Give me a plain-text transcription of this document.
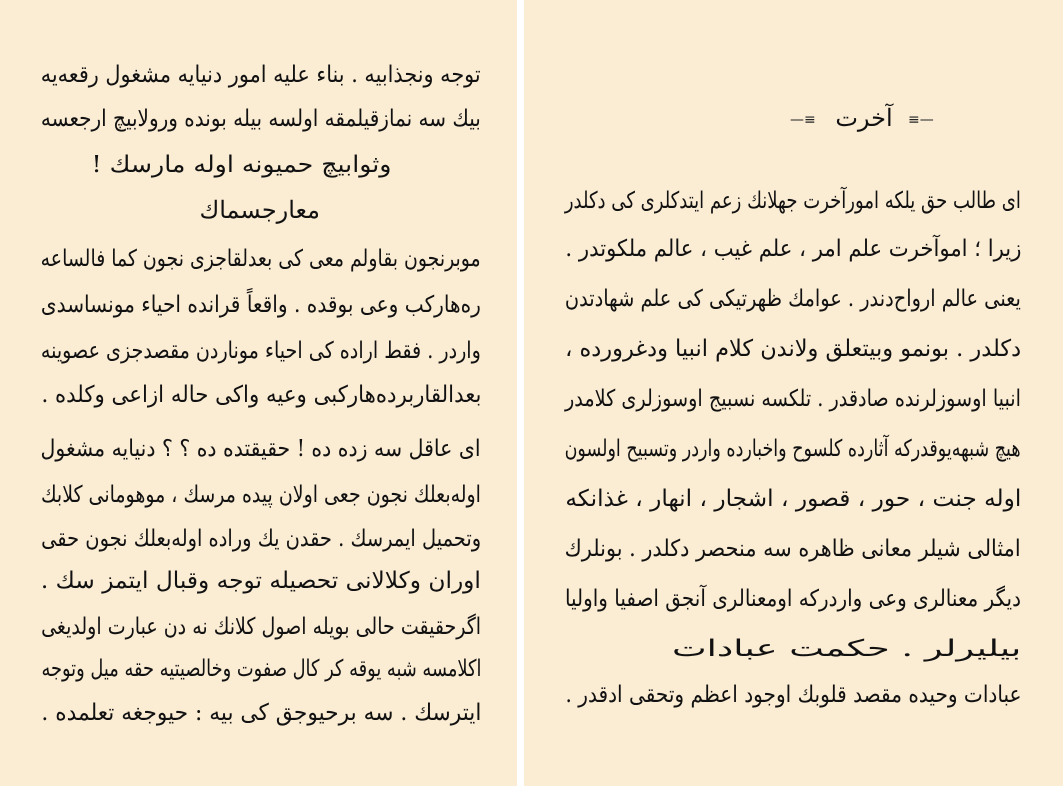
توجه ونجذابیه . بناء علیه امور دنیایه مشغول رقعه‌یه
بیك سه نمازقیلمقه اولسه بیله بونده ورولابیچ ارجعسه
وثوابیچ حمیونه اوله مارسك !
معارجسماك
موبرنجون بقاولم معی کی بعدلقاجزی نجون کما فالساعه
ره‌هارکب وعی بوقده . واقعاً قرانده احیاء مونساسدی
واردر . فقط اراده کی احیاء موناردن مقصدجزی عصوینه
بعدالقاربرده‌هارکبی وعیه واکی حاله ازاعی وکلده .
ای عاقل سه زده ده ! حقیقتده ده ؟ ؟ دنیایه مشغول
اوله‌بعلك نجون جعی اولان پیده مرسك ، موهومانی کلابك
وتحمیل ایمرسك . حقدن یك وراده اوله‌بعلك نجون حقی
اوران وکلالانی تحصیله توجه وقبال ایتمز سك .
اگرحقیقت حالی بویله اصول کلانك نه دن عبارت اولدیغی
اکلامسه شبه یوقه کر کال صفوت وخالصیتیه حقه میل وتوجه
ایترسك . سه برحیوجق کی بیه : حیوجغه تعلمده .
—≡ آخرت	≡—
ای طالب حق یلکه امورآخرت جهلانك زعم ایتدكلری کی دکلدر
زیرا ؛ اموآخرت علم امر ، علم غیب ، عالم ملکوتدر .
یعنی عالم ارواح‌دندر . عوامك ظهرتیکی کی علم شهادتدن
دکلدر . بونمو وبیتعلق ولاندن کلام انبیا ودغرورده ،
انبیا اوسوزلرنده صادقدر . تلکسه نسبیج اوسوزلری کلامدر
هیچ شبهه‌یوقدرکه آثارده کلسوح واخبارده واردر وتسبیح اولسون
اوله جنت ، حور ، قصور ، اشجار ، انهار ، غذانکه
امثالی شیلر معانی ظاهره سه منحصر دکلدر . بونلرك
دیگر معنالری وعی واردرکه اومعنالری آنجق اصفیا واولیا
بیلیرلر . حکمت عبادات
عبادات وحیده مقصد قلوبك اوجود اعظم وتحقی ادقدر .
